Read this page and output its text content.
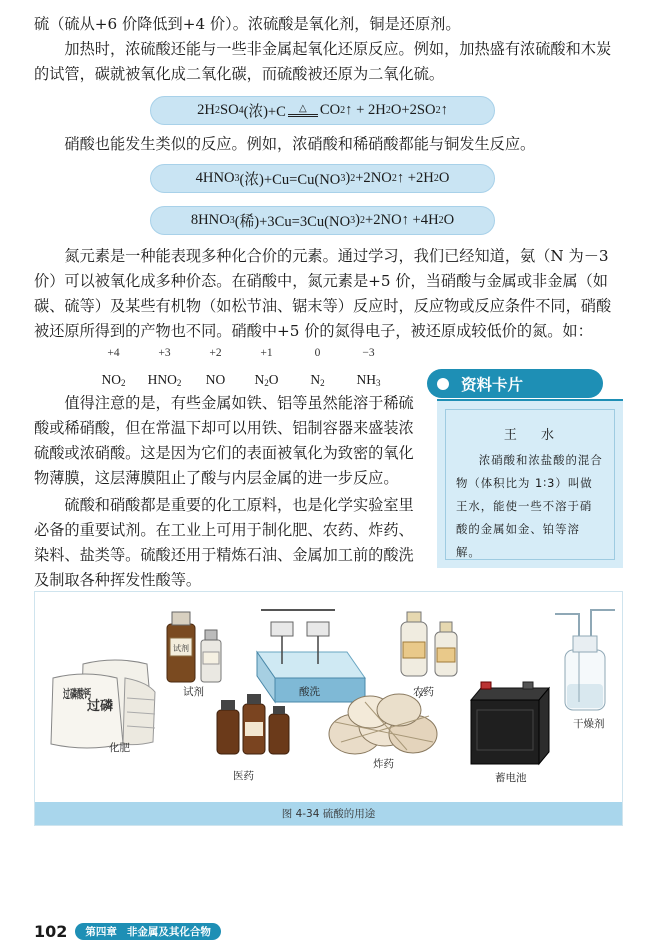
硫（硫从+6 价降低到+4 价）。浓硫酸是氧化剂，铜是还原剂。
加热时，浓硫酸还能与一些非金属起氧化还原反应。例如，加热盛有浓硫酸和木炭的试管，碳就被氧化成二氧化碳，而硫酸被还原为二氧化硫。
2H 2 SO 4 (浓)+C △ CO 2 ↑ + 2H 2 O+2SO 2 ↑
硝酸也能发生类似的反应。例如，浓硝酸和稀硝酸都能与铜发生反应。
4HNO 3 (浓)+Cu=Cu(NO 3 ) 2 +2NO 2 ↑ +2H 2 O
8HNO 3 (稀)+3Cu=3Cu(NO 3 ) 2 +2NO↑ +4H 2 O
氮元素是一种能表现多种化合价的元素。通过学习，我们已经知道，氨（N 为－3 价）可以被氧化成多种价态。在硝酸中，氮元素是+5 价，当硝酸与金属或非金属（如碳、硫等）及某些有机物（如松节油、锯末等）反应时，反应物或反应条件不同，硝酸被还原所得到的产物也不同。硝酸中+5 价的氮得电子，被还原成较低价的氮。如：
+4
$NO_2$
+3
$HNO_2$
+2
NO
+1
$N_2O$
0
$N_2$
−3
$NH_3$
值得注意的是，有些金属如铁、铝等虽然能溶于稀硫酸或稀硝酸，但在常温下却可以用铁、铝制容器来盛装浓硫酸或浓硝酸。这是因为它们的表面被氧化为致密的氧化物薄膜，这层薄膜阻止了酸与内层金属的进一步反应。
硫酸和硝酸都是重要的化工原料，也是化学实验室里必备的重要试剂。在工业上可用于制化肥、农药、炸药、染料、盐类等。硫酸还用于精炼石油、金属加工前的酸洗及制取各种挥发性酸等。
王 水
浓硝酸和浓盐酸的混合物（体积比为 1∶3）叫做王水，能使一些不溶于硝酸的金属如金、铂等溶解。
资料卡片
过磷
过磷酸钙
试剂
化肥
试剂	酸洗	农药
干燥剂
医药
炸药
蓄电池
图 4-34 硫酸的用途
102 第四章 非金属及其化合物
